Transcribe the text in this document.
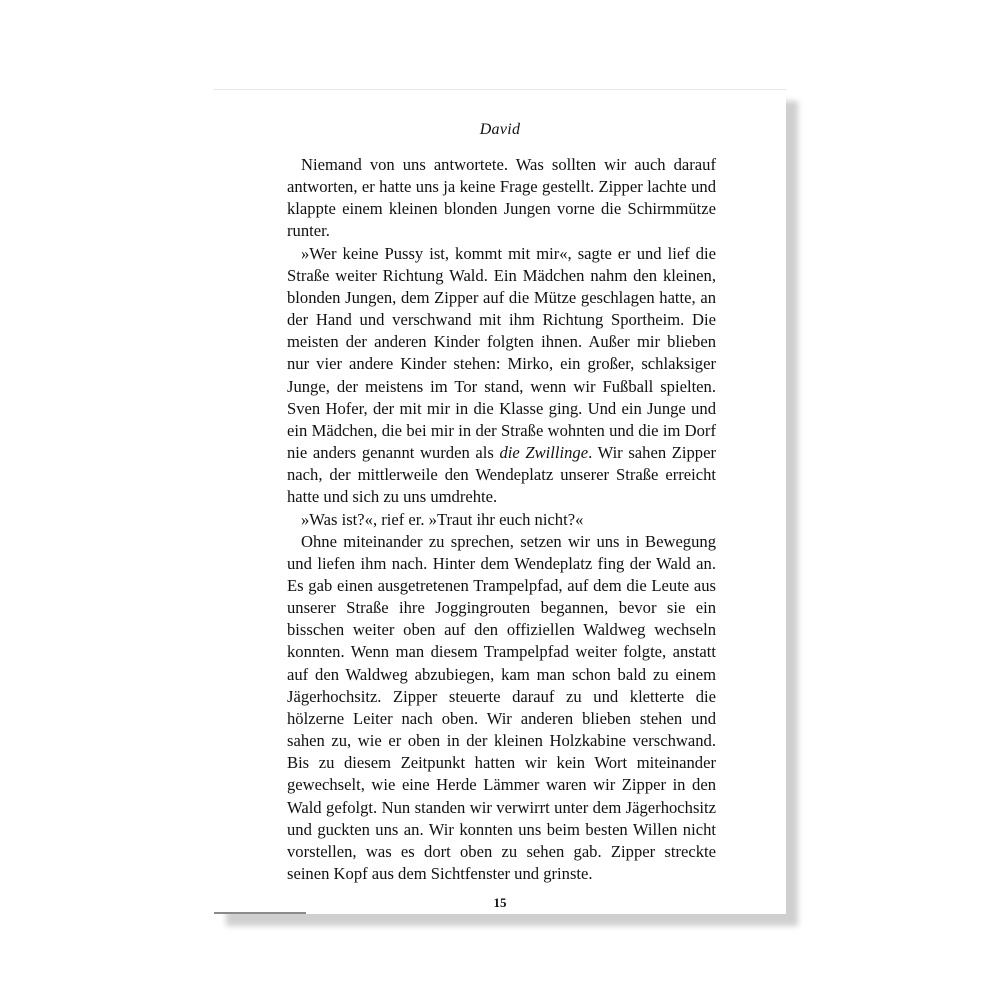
David

Niemand von uns antwortete. Was sollten wir auch darauf antworten, er hatte uns ja keine Frage gestellt. Zipper lachte und klappte einem kleinen blonden Jungen vorne die Schirmmütze runter.

»Wer keine Pussy ist, kommt mit mir«, sagte er und lief die Straße weiter Richtung Wald. Ein Mädchen nahm den kleinen, blonden Jungen, dem Zipper auf die Mütze geschlagen hatte, an der Hand und verschwand mit ihm Richtung Sportheim. Die meisten der anderen Kinder folgten ihnen. Außer mir blieben nur vier andere Kinder stehen: Mirko, ein großer, schlaksiger Junge, der meistens im Tor stand, wenn wir Fußball spielten. Sven Hofer, der mit mir in die Klasse ging. Und ein Junge und ein Mädchen, die bei mir in der Straße wohnten und die im Dorf nie anders genannt wurden als die Zwillinge. Wir sahen Zipper nach, der mittlerweile den Wendeplatz unserer Straße erreicht hatte und sich zu uns umdrehte.

»Was ist?«, rief er. »Traut ihr euch nicht?«

Ohne miteinander zu sprechen, setzen wir uns in Bewegung und liefen ihm nach. Hinter dem Wendeplatz fing der Wald an. Es gab einen ausgetretenen Trampelpfad, auf dem die Leute aus unserer Straße ihre Joggingrouten begannen, bevor sie ein bisschen weiter oben auf den offiziellen Waldweg wechseln konnten. Wenn man diesem Trampelpfad weiter folgte, anstatt auf den Waldweg abzubiegen, kam man schon bald zu einem Jägerhochsitz. Zipper steuerte darauf zu und kletterte die hölzerne Leiter nach oben. Wir anderen blieben stehen und sahen zu, wie er oben in der kleinen Holzkabine verschwand. Bis zu diesem Zeitpunkt hatten wir kein Wort miteinander gewechselt, wie eine Herde Lämmer waren wir Zipper in den Wald gefolgt. Nun standen wir verwirrt unter dem Jägerhochsitz und guckten uns an. Wir konnten uns beim besten Willen nicht vorstellen, was es dort oben zu sehen gab. Zipper streckte seinen Kopf aus dem Sichtfenster und grinste.

15
